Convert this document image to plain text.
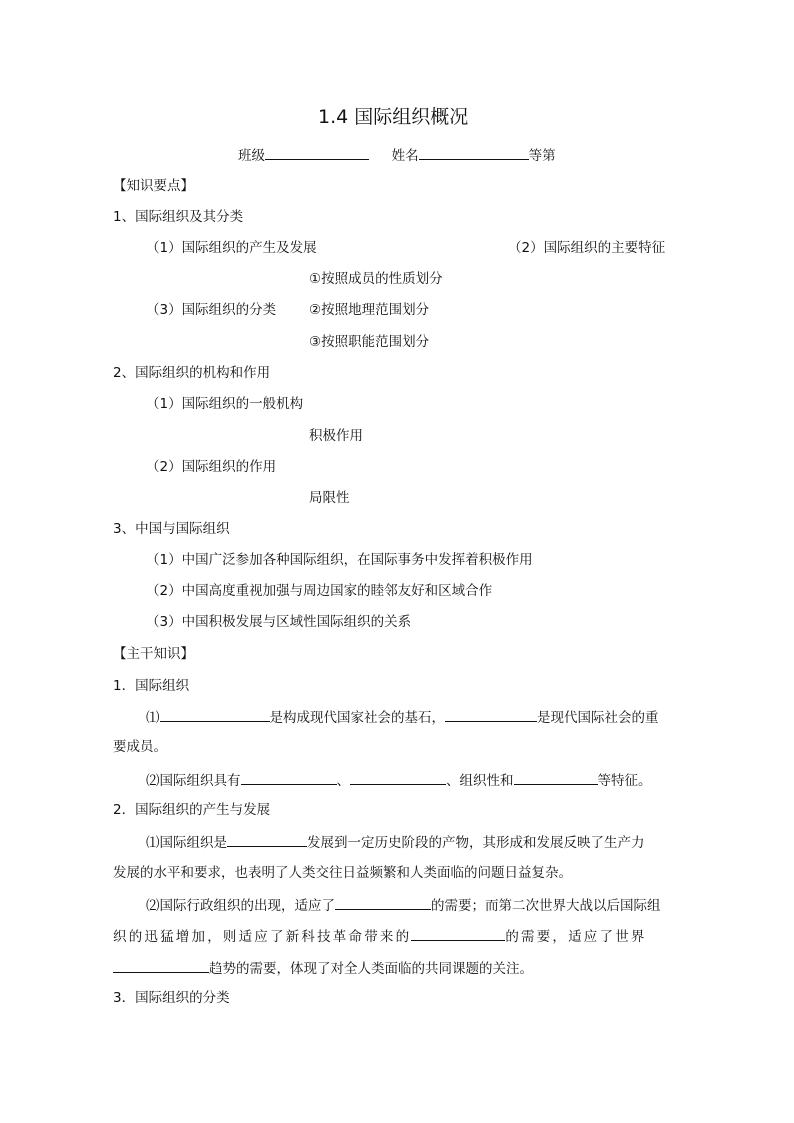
1.4 国际组织概况
班级	姓名	等第
【知识要点】
1、国际组织及其分类
（1）国际组织的产生及发展	（2）国际组织的主要特征
①按照成员的性质划分
（3）国际组织的分类 ②按照地理范围划分
③按照职能范围划分
2、国际组织的机构和作用
（1）国际组织的一般机构
积极作用
（2）国际组织的作用
局限性
3、中国与国际组织
（1）中国广泛参加各种国际组织，在国际事务中发挥着积极作用
（2）中国高度重视加强与周边国家的睦邻友好和区域合作
（3）中国积极发展与区域性国际组织的关系
【主干知识】
1．国际组织
⑴	是构成现代国家社会的基石，	是现代国际社会的重
要成员。
⑵国际组织具有	、	、组织性和	等特征。
2．国际组织的产生与发展
⑴国际组织是	发展到一定历史阶段的产物，其形成和发展反映了生产力
发展的水平和要求，也表明了人类交往日益频繁和人类面临的问题日益复杂。
⑵国际行政组织的出现，适应了	的需要；而第二次世界大战以后国际组
织的迅猛增加，则适应了新科技革命带来的	的需要，适应了世界
趋势的需要，体现了对全人类面临的共同课题的关注。
3．国际组织的分类
